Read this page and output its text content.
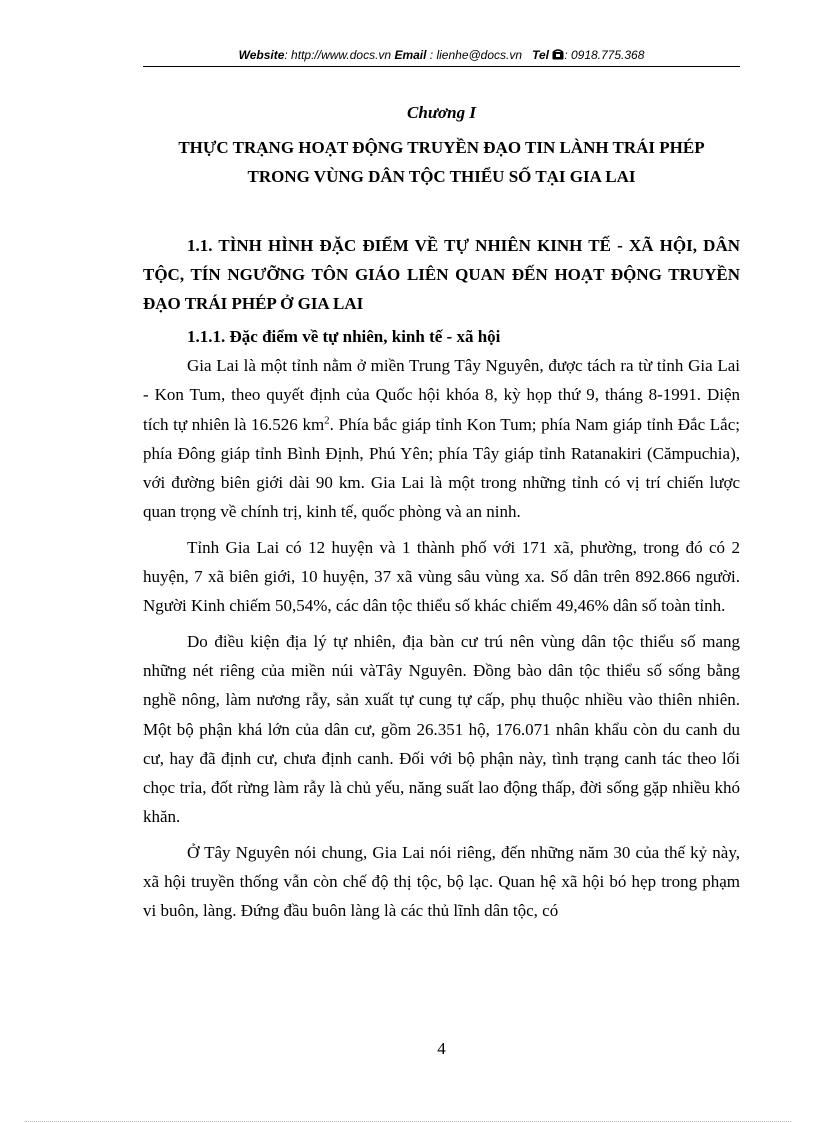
Website: http://www.docs.vn Email : lienhe@docs.vn Tel : 0918.775.368
Chương I
THỰC TRẠNG HOẠT ĐỘNG TRUYỀN ĐẠO TIN LÀNH TRÁI PHÉP
TRONG VÙNG DÂN TỘC THIỂU SỐ TẠI GIA LAI

1.1. TÌNH HÌNH ĐẶC ĐIỂM VỀ TỰ NHIÊN KINH TẾ - XÃ HỘI, DÂN TỘC, TÍN NGƯỠNG TÔN GIÁO LIÊN QUAN ĐẾN HOẠT ĐỘNG TRUYỀN ĐẠO TRÁI PHÉP Ở GIA LAI

1.1.1. Đặc điểm về tự nhiên, kinh tế - xã hội

Gia Lai là một tỉnh nằm ở miền Trung Tây Nguyên, được tách ra từ tỉnh Gia Lai - Kon Tum, theo quyết định của Quốc hội khóa 8, kỳ họp thứ 9, tháng 8-1991. Diện tích tự nhiên là 16.526 $km^2$. Phía bắc giáp tỉnh Kon Tum; phía Nam giáp tỉnh Đắc Lắc; phía Đông giáp tỉnh Bình Định, Phú Yên; phía Tây giáp tỉnh Ratanakiri (Cămpuchia), với đường biên giới dài 90 km. Gia Lai là một trong những tỉnh có vị trí chiến lược quan trọng về chính trị, kinh tế, quốc phòng và an ninh.

Tỉnh Gia Lai có 12 huyện và 1 thành phố với 171 xã, phường, trong đó có 2 huyện, 7 xã biên giới, 10 huyện, 37 xã vùng sâu vùng xa. Số dân trên 892.866 người. Người Kinh chiếm 50,54%, các dân tộc thiểu số khác chiếm 49,46% dân số toàn tỉnh.

Do điều kiện địa lý tự nhiên, địa bàn cư trú nên vùng dân tộc thiểu số mang những nét riêng của miền núi vàTây Nguyên. Đồng bào dân tộc thiểu số sống bằng nghề nông, làm nương rẫy, sản xuất tự cung tự cấp, phụ thuộc nhiều vào thiên nhiên. Một bộ phận khá lớn của dân cư, gồm 26.351 hộ, 176.071 nhân khẩu còn du canh du cư, hay đã định cư, chưa định canh. Đối với bộ phận này, tình trạng canh tác theo lối chọc trỉa, đốt rừng làm rẫy là chủ yếu, năng suất lao động thấp, đời sống gặp nhiều khó khăn.

Ở Tây Nguyên nói chung, Gia Lai nói riêng, đến những năm 30 của thế kỷ này, xã hội truyền thống vẫn còn chế độ thị tộc, bộ lạc. Quan hệ xã hội bó hẹp trong phạm vi buôn, làng. Đứng đầu buôn làng là các thủ lĩnh dân tộc, có

4
